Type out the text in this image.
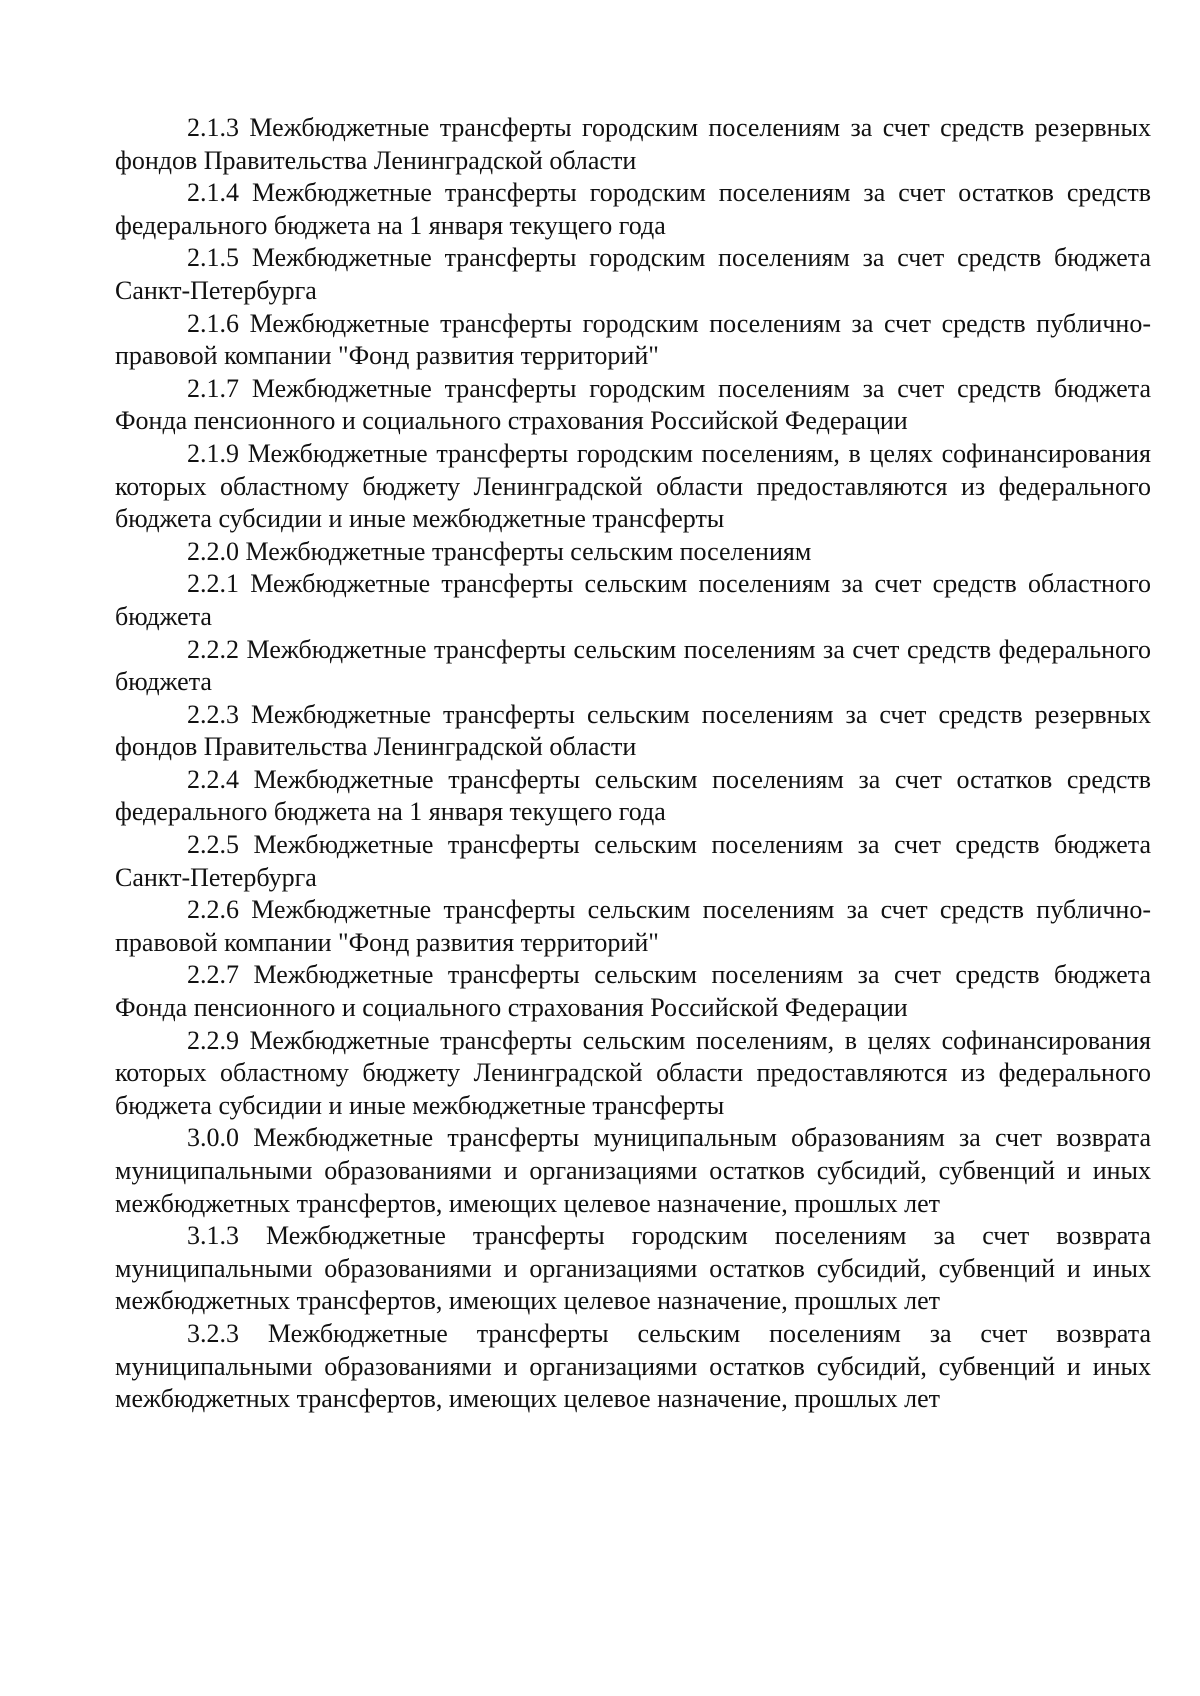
2.1.3 Межбюджетные трансферты городским поселениям за счет средств резервных фондов Правительства Ленинградской области

2.1.4 Межбюджетные трансферты городским поселениям за счет остатков средств федерального бюджета на 1 января текущего года

2.1.5 Межбюджетные трансферты городским поселениям за счет средств бюджета Санкт-Петербурга

2.1.6 Межбюджетные трансферты городским поселениям за счет средств публично-правовой компании "Фонд развития территорий"

2.1.7 Межбюджетные трансферты городским поселениям за счет средств бюджета Фонда пенсионного и социального страхования Российской Федерации

2.1.9 Межбюджетные трансферты городским поселениям, в целях софинансирования которых областному бюджету Ленинградской области предоставляются из федерального бюджета субсидии и иные межбюджетные трансферты

2.2.0 Межбюджетные трансферты сельским поселениям

2.2.1 Межбюджетные трансферты сельским поселениям за счет средств областного бюджета

2.2.2 Межбюджетные трансферты сельским поселениям за счет средств федерального бюджета

2.2.3 Межбюджетные трансферты сельским поселениям за счет средств резервных фондов Правительства Ленинградской области

2.2.4 Межбюджетные трансферты сельским поселениям за счет остатков средств федерального бюджета на 1 января текущего года

2.2.5 Межбюджетные трансферты сельским поселениям за счет средств бюджета Санкт-Петербурга

2.2.6 Межбюджетные трансферты сельским поселениям за счет средств публично-правовой компании "Фонд развития территорий"

2.2.7 Межбюджетные трансферты сельским поселениям за счет средств бюджета Фонда пенсионного и социального страхования Российской Федерации

2.2.9 Межбюджетные трансферты сельским поселениям, в целях софинансирования которых областному бюджету Ленинградской области предоставляются из федерального бюджета субсидии и иные межбюджетные трансферты

3.0.0 Межбюджетные трансферты муниципальным образованиям за счет возврата муниципальными образованиями и организациями остатков субсидий, субвенций и иных межбюджетных трансфертов, имеющих целевое назначение, прошлых лет

3.1.3 Межбюджетные трансферты городским поселениям за счет возврата муниципальными образованиями и организациями остатков субсидий, субвенций и иных межбюджетных трансфертов, имеющих целевое назначение, прошлых лет

3.2.3 Межбюджетные трансферты сельским поселениям за счет возврата муниципальными образованиями и организациями остатков субсидий, субвенций и иных межбюджетных трансфертов, имеющих целевое назначение, прошлых лет
